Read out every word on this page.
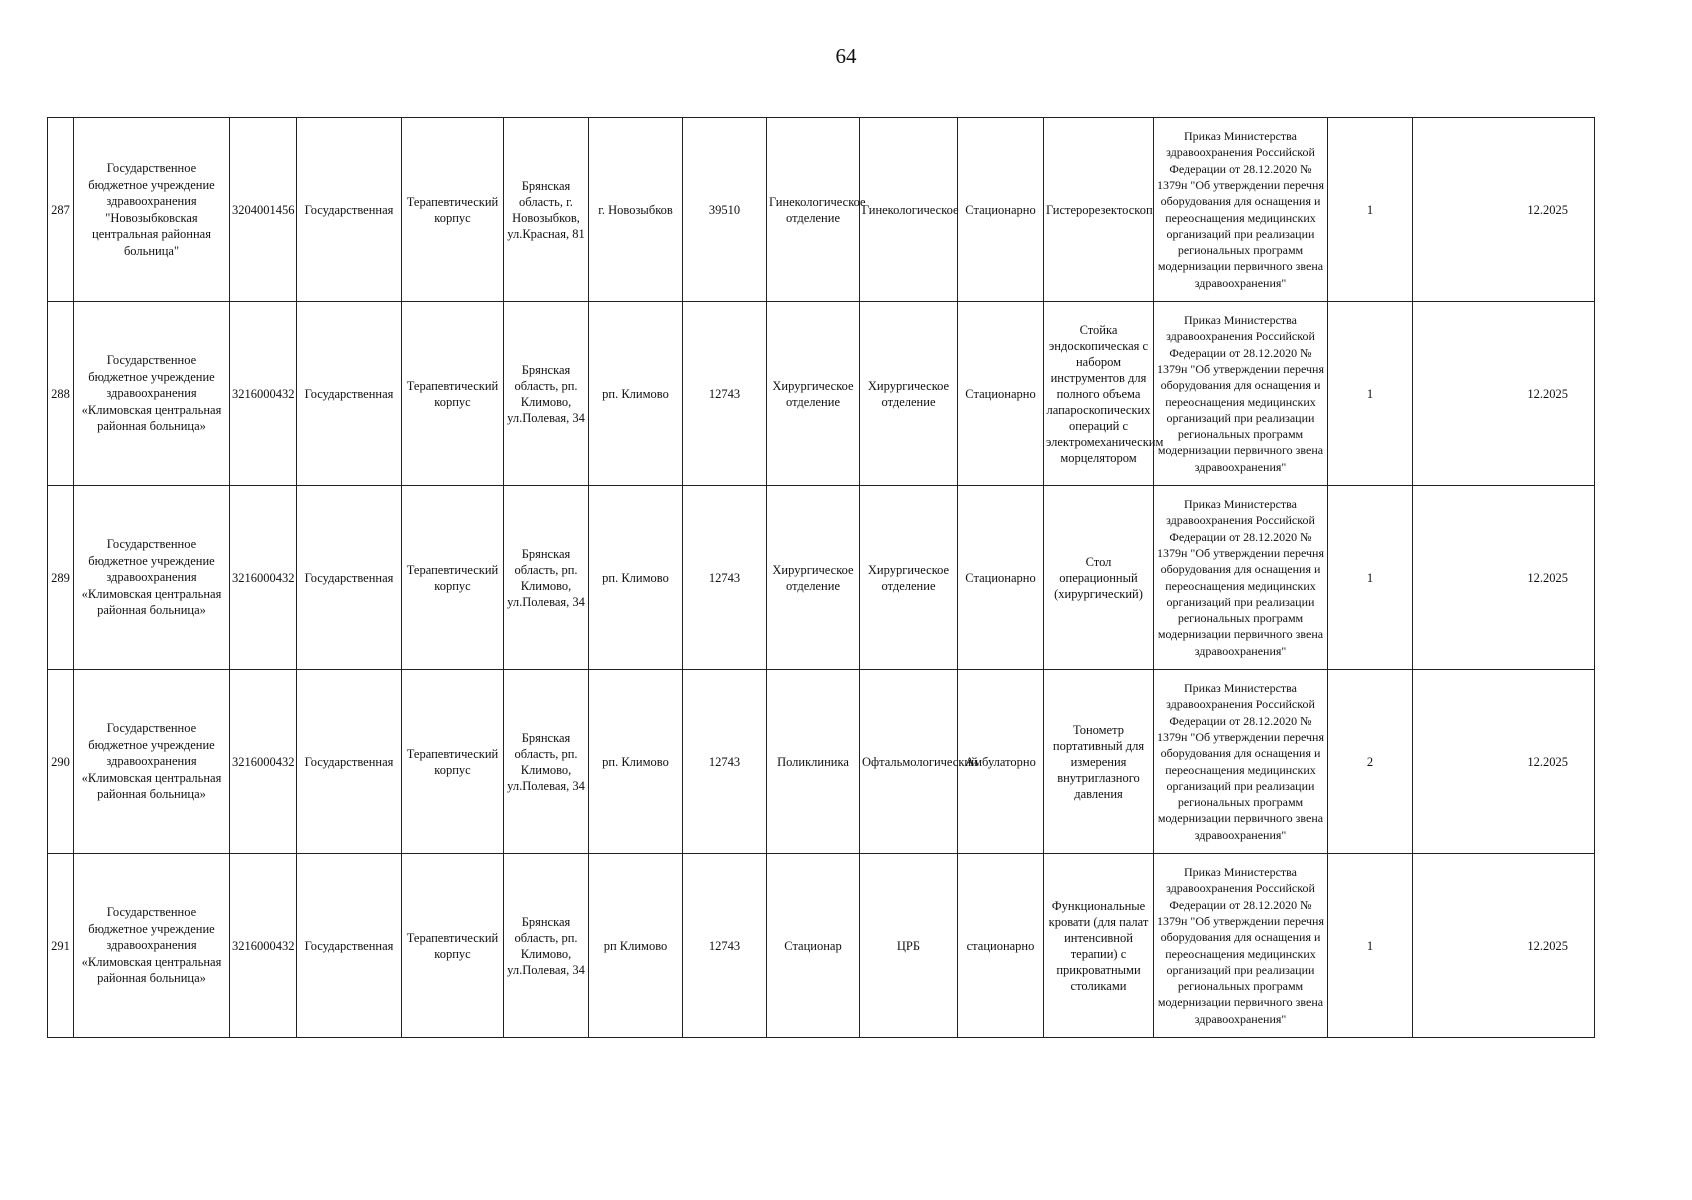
64
287	Государственное бюджетное учреждение здравоохранения "Новозыбковская центральная районная больница"	3204001456	Государственная	Терапевтический корпус	Брянская область, г. Новозыбков, ул.Красная, 81	г. Новозыбков	39510	Гинекологическое отделение	Гинекологическое	Стационарно	Гистерорезектоскоп	Приказ Министерства здравоохранения Российской Федерации от 28.12.2020 № 1379н "Об утверждении перечня оборудования для оснащения и переоснащения медицинских организаций при реализации региональных программ модернизации первичного звена здравоохранения"	1	12.2025
288	Государственное бюджетное учреждение здравоохранения «Климовская центральная районная больница»	3216000432	Государственная	Терапевтический корпус	Брянская область, рп. Климово, ул.Полевая, 34	рп. Климово	12743	Хирургическое отделение	Хирургическое отделение	Стационарно	Стойка эндоскопическая с набором инструментов для полного объема лапароскопических операций с электромеханическим морцелятором	Приказ Министерства здравоохранения Российской Федерации от 28.12.2020 № 1379н "Об утверждении перечня оборудования для оснащения и переоснащения медицинских организаций при реализации региональных программ модернизации первичного звена здравоохранения"	1	12.2025
289	Государственное бюджетное учреждение здравоохранения «Климовская центральная районная больница»	3216000432	Государственная	Терапевтический корпус	Брянская область, рп. Климово, ул.Полевая, 34	рп. Климово	12743	Хирургическое отделение	Хирургическое отделение	Стационарно	Стол операционный (хирургический)	Приказ Министерства здравоохранения Российской Федерации от 28.12.2020 № 1379н "Об утверждении перечня оборудования для оснащения и переоснащения медицинских организаций при реализации региональных программ модернизации первичного звена здравоохранения"	1	12.2025
290	Государственное бюджетное учреждение здравоохранения «Климовская центральная районная больница»	3216000432	Государственная	Терапевтический корпус	Брянская область, рп. Климово, ул.Полевая, 34	рп. Климово	12743	Поликлиника	Офтальмологический	Амбулаторно	Тонометр портативный для измерения внутриглазного давления	Приказ Министерства здравоохранения Российской Федерации от 28.12.2020 № 1379н "Об утверждении перечня оборудования для оснащения и переоснащения медицинских организаций при реализации региональных программ модернизации первичного звена здравоохранения"	2	12.2025
291	Государственное бюджетное учреждение здравоохранения «Климовская центральная районная больница»	3216000432	Государственная	Терапевтический корпус	Брянская область, рп. Климово, ул.Полевая, 34	рп Климово	12743	Стационар	ЦРБ	стационарно	Функциональные кровати (для палат интенсивной терапии) с прикроватными столиками	Приказ Министерства здравоохранения Российской Федерации от 28.12.2020 № 1379н "Об утверждении перечня оборудования для оснащения и переоснащения медицинских организаций при реализации региональных программ модернизации первичного звена здравоохранения"	1	12.2025
